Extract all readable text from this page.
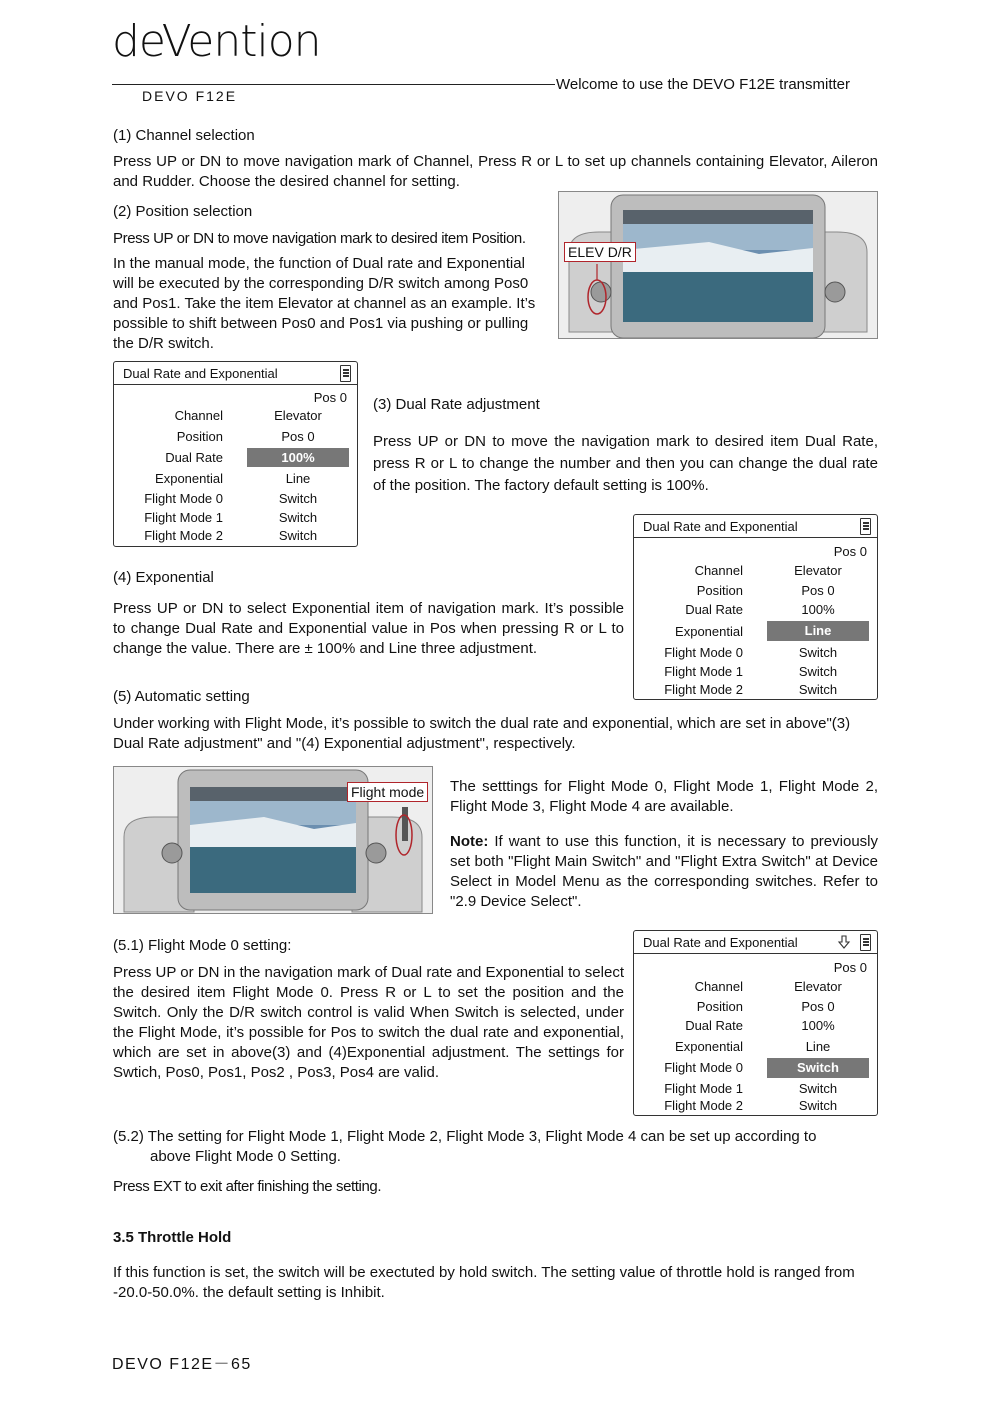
deVention
DEVO F12E
Welcome to use the DEVO F12E transmitter
(1) Channel selection
Press UP or DN to move navigation mark of Channel, Press R or L to set up channels containing Elevator, Aileron and Rudder. Choose the desired channel for setting.
(2) Position selection
Press UP or DN to move navigation mark to desired item Position.
In the manual mode, the function of Dual rate and Exponential will be executed by the corresponding D/R switch among Pos0 and Pos1. Take the item Elevator at channel as an example. It’s possible to shift between Pos0 and Pos1 via pushing or pulling the D/R switch.
ELEV D/R
Dual Rate and Exponential
Pos 0
Channel	Elevator
Position	Pos 0
Dual Rate	100%
Exponential	Line
Flight Mode 0	Switch
Flight Mode 1	Switch
Flight Mode 2	Switch
(3) Dual Rate adjustment
Press UP or DN to move the navigation mark to desired item Dual Rate, press R or L to change the number and then you can change the dual rate of the position. The factory default setting is 100%.
Dual Rate and Exponential
Pos 0
Channel	Elevator
Position	Pos 0
Dual Rate	100%
Exponential	Line
Flight Mode 0	Switch
Flight Mode 1	Switch
Flight Mode 2	Switch
(4) Exponential
Press UP or DN to select Exponential item of navigation mark. It’s possible to change Dual Rate and Exponential value in Pos when pressing R or L to change the value. There are ± 100% and Line three adjustment.
(5) Automatic setting
Under working with Flight Mode, it’s possible to switch the dual rate and exponential, which are set in above"(3) Dual Rate adjustment" and "(4) Exponential adjustment", respectively.
Flight mode The setttings for Flight Mode 0, Flight Mode 1, Flight Mode 2, Flight Mode 3, Flight Mode 4 are available.
Note: If want to use this function, it is necessary to previously set both "Flight Main Switch" and "Flight Extra Switch" at Device Select in Model Menu as the corresponding switches. Refer to "2.9 Device Select".
(5.1) Flight Mode 0 setting:
Press UP or DN in the navigation mark of Dual rate and Exponential to select the desired item Flight Mode 0. Press R or L to set the position and the Switch. Only the D/R switch control is valid When Switch is selected, under the Flight Mode, it’s possible for Pos to switch the dual rate and exponential, which are set in above(3) and (4)Exponential adjustment. The settings for Swtich, Pos0, Pos1, Pos2 , Pos3, Pos4 are valid.
Dual Rate and Exponential
Pos 0
Channel	Elevator
Position	Pos 0
Dual Rate	100%
Exponential	Line
Flight Mode 0	Switch
Flight Mode 1	Switch
Flight Mode 2	Switch
(5.2) The setting for Flight Mode 1, Flight Mode 2, Flight Mode 3, Flight Mode 4 can be set up according to
above Flight Mode 0 Setting.
Press EXT to exit after finishing the setting.
3.5 Throttle Hold
If this function is set, the switch will be exectuted by hold switch. The setting value of throttle hold is ranged from -20.0-50.0%. the default setting is Inhibit.
DEVO F12E－65
